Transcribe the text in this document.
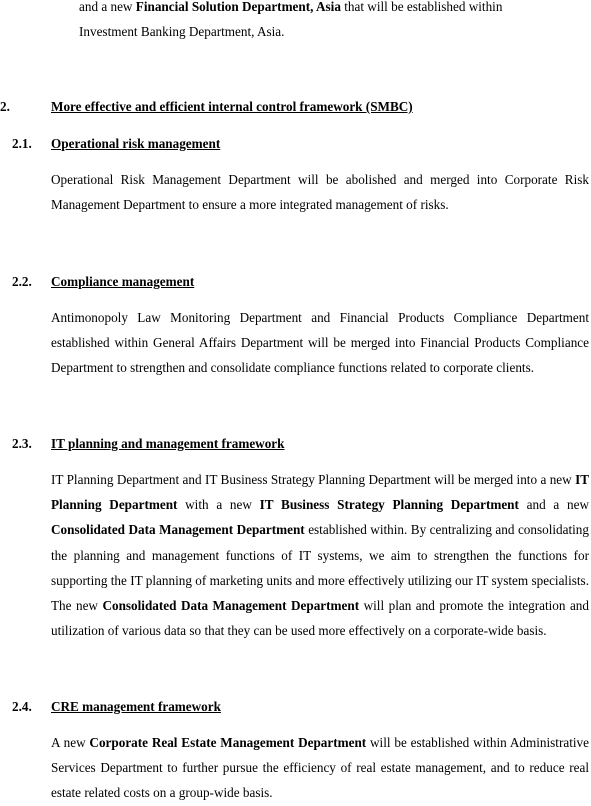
and a new Financial Solution Department, Asia that will be established within
Investment Banking Department, Asia.
2.	More effective and efficient internal control framework (SMBC)
2.1. Operational risk management

Operational Risk Management Department will be abolished and merged into Corporate Risk Management Department to ensure a more integrated management of risks.

2.2. Compliance management

Antimonopoly Law Monitoring Department and Financial Products Compliance Department established within General Affairs Department will be merged into Financial Products Compliance Department to strengthen and consolidate compliance functions related to corporate clients.

2.3. IT planning and management framework

IT Planning Department and IT Business Strategy Planning Department will be merged into a new IT Planning Department with a new IT Business Strategy Planning Department and a new Consolidated Data Management Department established within. By centralizing and consolidating the planning and management functions of IT systems, we aim to strengthen the functions for supporting the IT planning of marketing units and more effectively utilizing our IT system specialists. The new Consolidated Data Management Department will plan and promote the integration and utilization of various data so that they can be used more effectively on a corporate-wide basis.

2.4. CRE management framework

A new Corporate Real Estate Management Department will be established within Administrative Services Department to further pursue the efficiency of real estate management, and to reduce real estate related costs on a group-wide basis.
